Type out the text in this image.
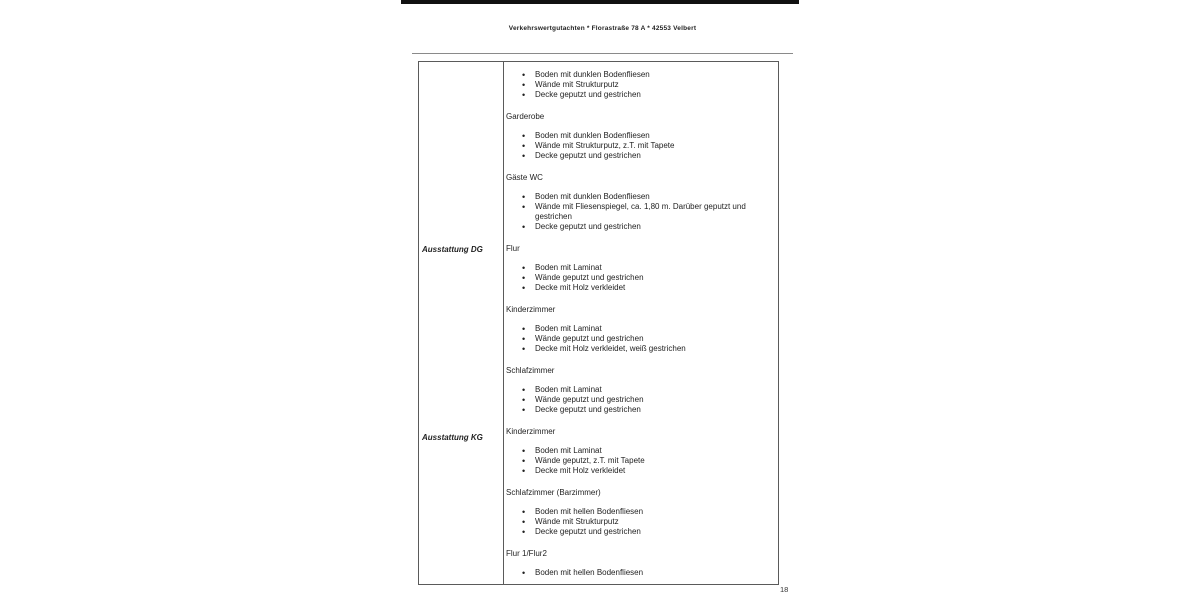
Verkehrswertgutachten * Florastraße 78 A * 42553 Velbert
Ausstattung DG
Ausstattung KG
• Boden mit dunklen Bodenfliesen
• Wände mit Strukturputz
• Decke geputzt und gestrichen
Garderobe
• Boden mit dunklen Bodenfliesen
• Wände mit Strukturputz, z.T. mit Tapete
• Decke geputzt und gestrichen
Gäste WC
• Boden mit dunklen Bodenfliesen
• Wände mit Fliesenspiegel, ca. 1,80 m. Darüber geputzt und gestrichen
• Decke geputzt und gestrichen
Flur
• Boden mit Laminat
• Wände geputzt und gestrichen
• Decke mit Holz verkleidet
Kinderzimmer
• Boden mit Laminat
• Wände geputzt und gestrichen
• Decke mit Holz verkleidet, weiß gestrichen
Schlafzimmer
• Boden mit Laminat
• Wände geputzt und gestrichen
• Decke geputzt und gestrichen
Kinderzimmer
• Boden mit Laminat
• Wände geputzt, z.T. mit Tapete
• Decke mit Holz verkleidet
Schlafzimmer (Barzimmer)
• Boden mit hellen Bodenfliesen
• Wände mit Strukturputz
• Decke geputzt und gestrichen
Flur 1/Flur2
• Boden mit hellen Bodenfliesen
18
